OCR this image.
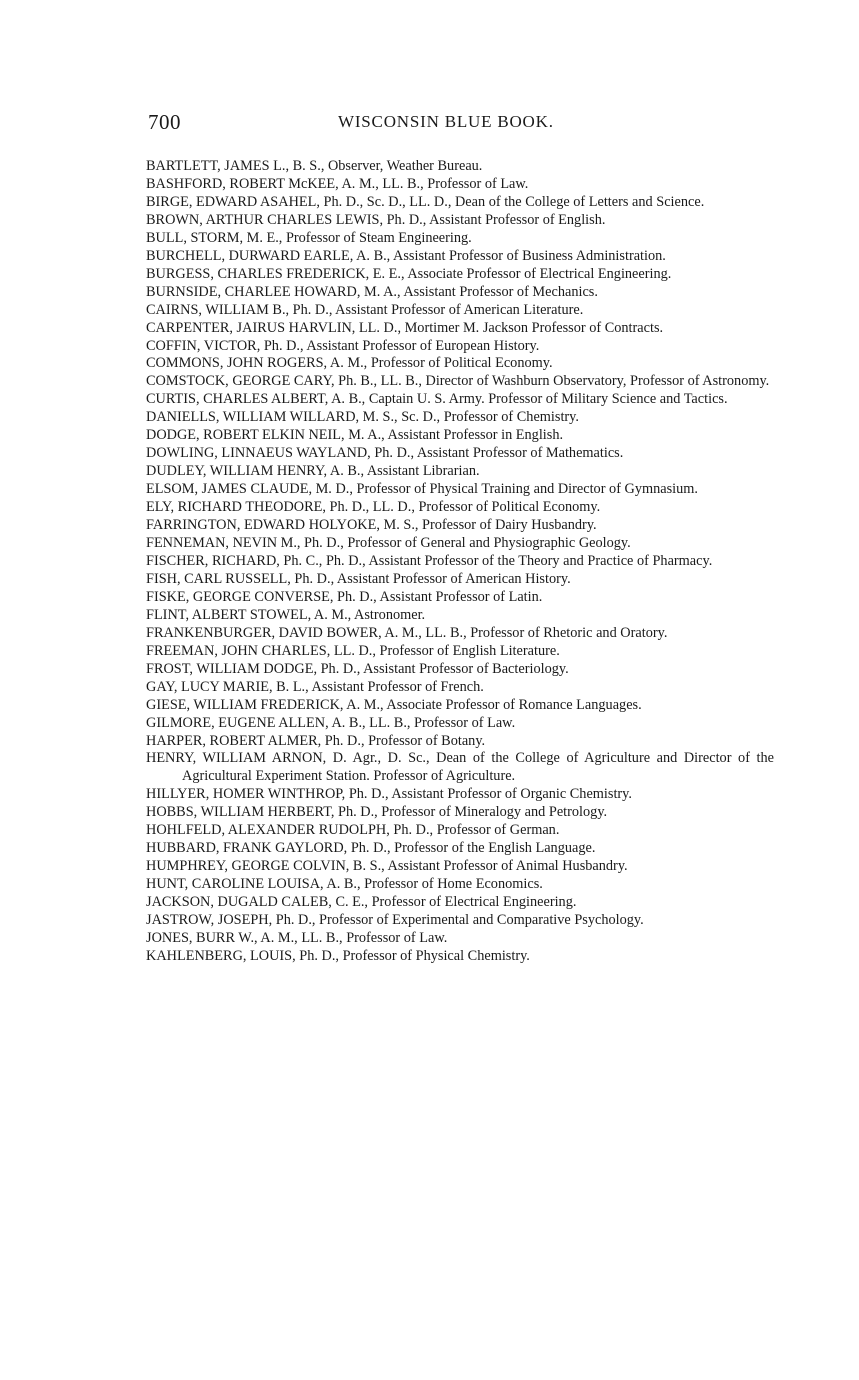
700	WISCONSIN BLUE BOOK.

BARTLETT, JAMES L., B. S., Observer, Weather Bureau.

BASHFORD, ROBERT McKEE, A. M., LL. B., Professor of Law.

BIRGE, EDWARD ASAHEL, Ph. D., Sc. D., LL. D., Dean of the College of Letters and Science.

BROWN, ARTHUR CHARLES LEWIS, Ph. D., Assistant Professor of English.

BULL, STORM, M. E., Professor of Steam Engineering.

BURCHELL, DURWARD EARLE, A. B., Assistant Professor of Business Administration.

BURGESS, CHARLES FREDERICK, E. E., Associate Professor of Electrical Engineering.

BURNSIDE, CHARLEE HOWARD, M. A., Assistant Professor of Mechanics.

CAIRNS, WILLIAM B., Ph. D., Assistant Professor of American Literature.

CARPENTER, JAIRUS HARVLIN, LL. D., Mortimer M. Jackson Professor of Contracts.

COFFIN, VICTOR, Ph. D., Assistant Professor of European History.

COMMONS, JOHN ROGERS, A. M., Professor of Political Economy.

COMSTOCK, GEORGE CARY, Ph. B., LL. B., Director of Washburn Observatory, Professor of Astronomy.

CURTIS, CHARLES ALBERT, A. B., Captain U. S. Army. Professor of Military Science and Tactics.

DANIELLS, WILLIAM WILLARD, M. S., Sc. D., Professor of Chemistry.

DODGE, ROBERT ELKIN NEIL, M. A., Assistant Professor in English.

DOWLING, LINNAEUS WAYLAND, Ph. D., Assistant Professor of Mathematics.

DUDLEY, WILLIAM HENRY, A. B., Assistant Librarian.

ELSOM, JAMES CLAUDE, M. D., Professor of Physical Training and Director of Gymnasium.

ELY, RICHARD THEODORE, Ph. D., LL. D., Professor of Political Economy.

FARRINGTON, EDWARD HOLYOKE, M. S., Professor of Dairy Husbandry.

FENNEMAN, NEVIN M., Ph. D., Professor of General and Physiographic Geology.

FISCHER, RICHARD, Ph. C., Ph. D., Assistant Professor of the Theory and Practice of Pharmacy.

FISH, CARL RUSSELL, Ph. D., Assistant Professor of American History.

FISKE, GEORGE CONVERSE, Ph. D., Assistant Professor of Latin.

FLINT, ALBERT STOWEL, A. M., Astronomer.

FRANKENBURGER, DAVID BOWER, A. M., LL. B., Professor of Rhetoric and Oratory.

FREEMAN, JOHN CHARLES, LL. D., Professor of English Literature.

FROST, WILLIAM DODGE, Ph. D., Assistant Professor of Bacteriology.

GAY, LUCY MARIE, B. L., Assistant Professor of French.

GIESE, WILLIAM FREDERICK, A. M., Associate Professor of Romance Languages.

GILMORE, EUGENE ALLEN, A. B., LL. B., Professor of Law.

HARPER, ROBERT ALMER, Ph. D., Professor of Botany.

HENRY, WILLIAM ARNON, D. Agr., D. Sc., Dean of the College of Agriculture and Director of the Agricultural Experiment Station. Professor of Agriculture.

HILLYER, HOMER WINTHROP, Ph. D., Assistant Professor of Organic Chemistry.

HOBBS, WILLIAM HERBERT, Ph. D., Professor of Mineralogy and Petrology.

HOHLFELD, ALEXANDER RUDOLPH, Ph. D., Professor of German.

HUBBARD, FRANK GAYLORD, Ph. D., Professor of the English Language.

HUMPHREY, GEORGE COLVIN, B. S., Assistant Professor of Animal Husbandry.

HUNT, CAROLINE LOUISA, A. B., Professor of Home Economics.

JACKSON, DUGALD CALEB, C. E., Professor of Electrical Engineering.

JASTROW, JOSEPH, Ph. D., Professor of Experimental and Comparative Psychology.

JONES, BURR W., A. M., LL. B., Professor of Law.

KAHLENBERG, LOUIS, Ph. D., Professor of Physical Chemistry.
